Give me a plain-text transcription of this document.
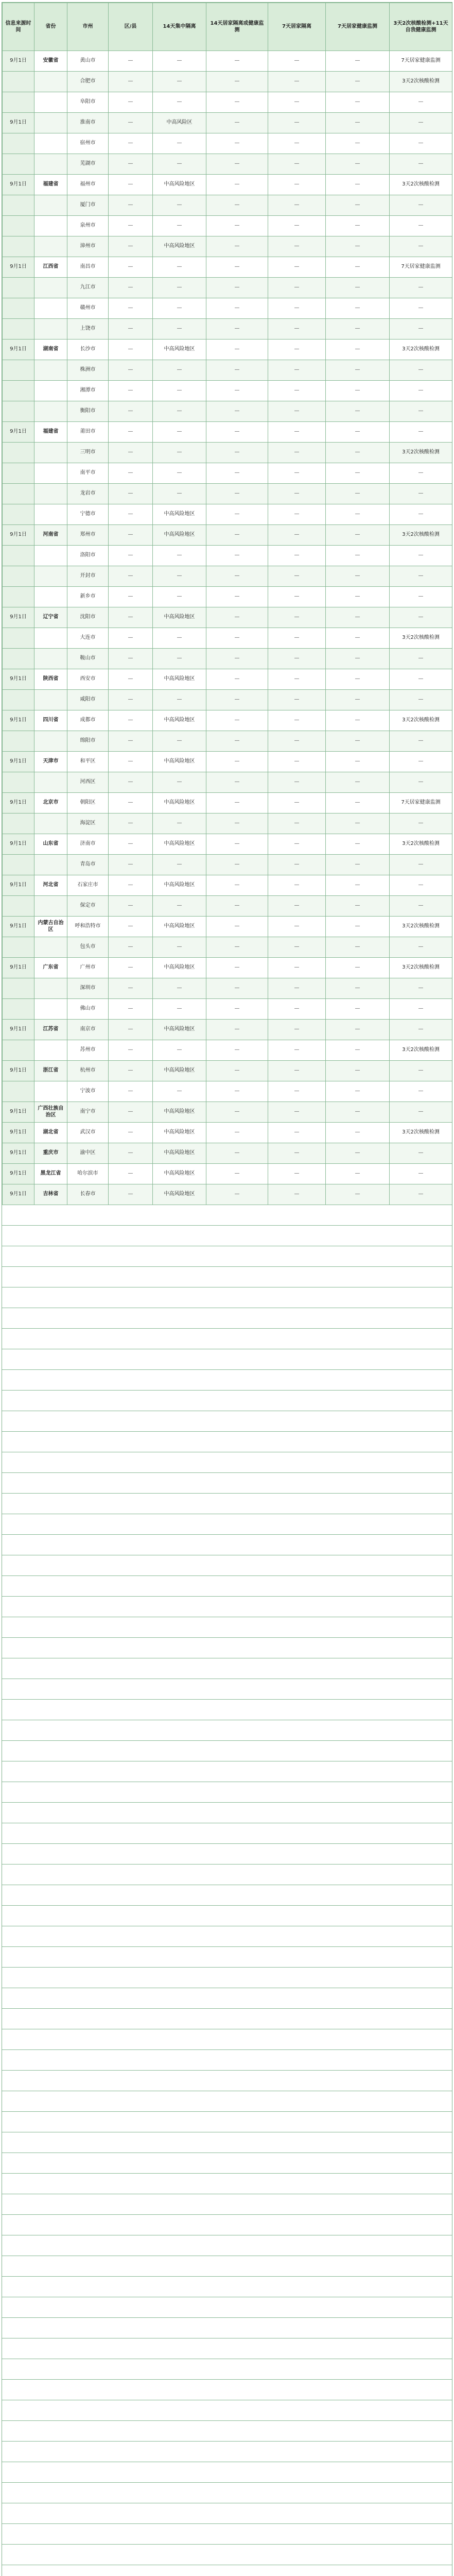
信息来源时间	省份	市州	区/县	14天集中隔离	14天居家隔离或健康监测	7天居家隔离	7天居家健康监测	3天2次核酸检测+11天自我健康监测
9月1日	安徽省	黄山市	—	—	—	—	—	7天居家健康监测
		合肥市	—	—	—	—	—	3天2次核酸检测
		阜阳市	—	—	—	—	—	—
9月1日		淮南市	—	中高风险区	—	—	—	—
		宿州市	—	—	—	—	—	—
		芜湖市	—	—	—	—	—	—
9月1日	福建省	福州市	—	中高风险地区	—	—	—	3天2次核酸检测
		厦门市	—	—	—	—	—	—
		泉州市	—	—	—	—	—	—
		漳州市	—	中高风险地区	—	—	—	—
9月1日	江西省	南昌市	—	—	—	—	—	7天居家健康监测
		九江市	—	—	—	—	—	—
		赣州市	—	—	—	—	—	—
		上饶市	—	—	—	—	—	—
9月1日	湖南省	长沙市	—	中高风险地区	—	—	—	3天2次核酸检测
		株洲市	—	—	—	—	—	—
		湘潭市	—	—	—	—	—	—
		衡阳市	—	—	—	—	—	—
9月1日	福建省	莆田市	—	—	—	—	—	—
		三明市	—	—	—	—	—	3天2次核酸检测
		南平市	—	—	—	—	—	—
		龙岩市	—	—	—	—	—	—
		宁德市	—	中高风险地区	—	—	—	—
9月1日	河南省	郑州市	—	中高风险地区	—	—	—	3天2次核酸检测
		洛阳市	—	—	—	—	—	—
		开封市	—	—	—	—	—	—
		新乡市	—	—	—	—	—	—
9月1日	辽宁省	沈阳市	—	中高风险地区	—	—	—	—
		大连市	—	—	—	—	—	3天2次核酸检测
		鞍山市	—	—	—	—	—	—
9月1日	陕西省	西安市	—	中高风险地区	—	—	—	—
		咸阳市	—	—	—	—	—	—
9月1日	四川省	成都市	—	中高风险地区	—	—	—	3天2次核酸检测
		绵阳市	—	—	—	—	—	—
9月1日	天津市	和平区	—	中高风险地区	—	—	—	—
		河西区	—	—	—	—	—	—
9月1日	北京市	朝阳区	—	中高风险地区	—	—	—	7天居家健康监测
		海淀区	—	—	—	—	—	—
9月1日	山东省	济南市	—	中高风险地区	—	—	—	3天2次核酸检测
		青岛市	—	—	—	—	—	—
9月1日	河北省	石家庄市	—	中高风险地区	—	—	—	—
		保定市	—	—	—	—	—	—
9月1日	内蒙古自治区	呼和浩特市	—	中高风险地区	—	—	—	3天2次核酸检测
		包头市	—	—	—	—	—	—
9月1日	广东省	广州市	—	中高风险地区	—	—	—	3天2次核酸检测
		深圳市	—	—	—	—	—	—
		佛山市	—	—	—	—	—	—
9月1日	江苏省	南京市	—	中高风险地区	—	—	—	—
		苏州市	—	—	—	—	—	3天2次核酸检测
9月1日	浙江省	杭州市	—	中高风险地区	—	—	—	—
		宁波市	—	—	—	—	—	—
9月1日	广西壮族自治区	南宁市	—	中高风险地区	—	—	—	—
9月1日	湖北省	武汉市	—	中高风险地区	—	—	—	3天2次核酸检测
9月1日	重庆市	渝中区	—	中高风险地区	—	—	—	—
9月1日	黑龙江省	哈尔滨市	—	中高风险地区	—	—	—	—
9月1日	吉林省	长春市	—	中高风险地区	—	—	—	—
